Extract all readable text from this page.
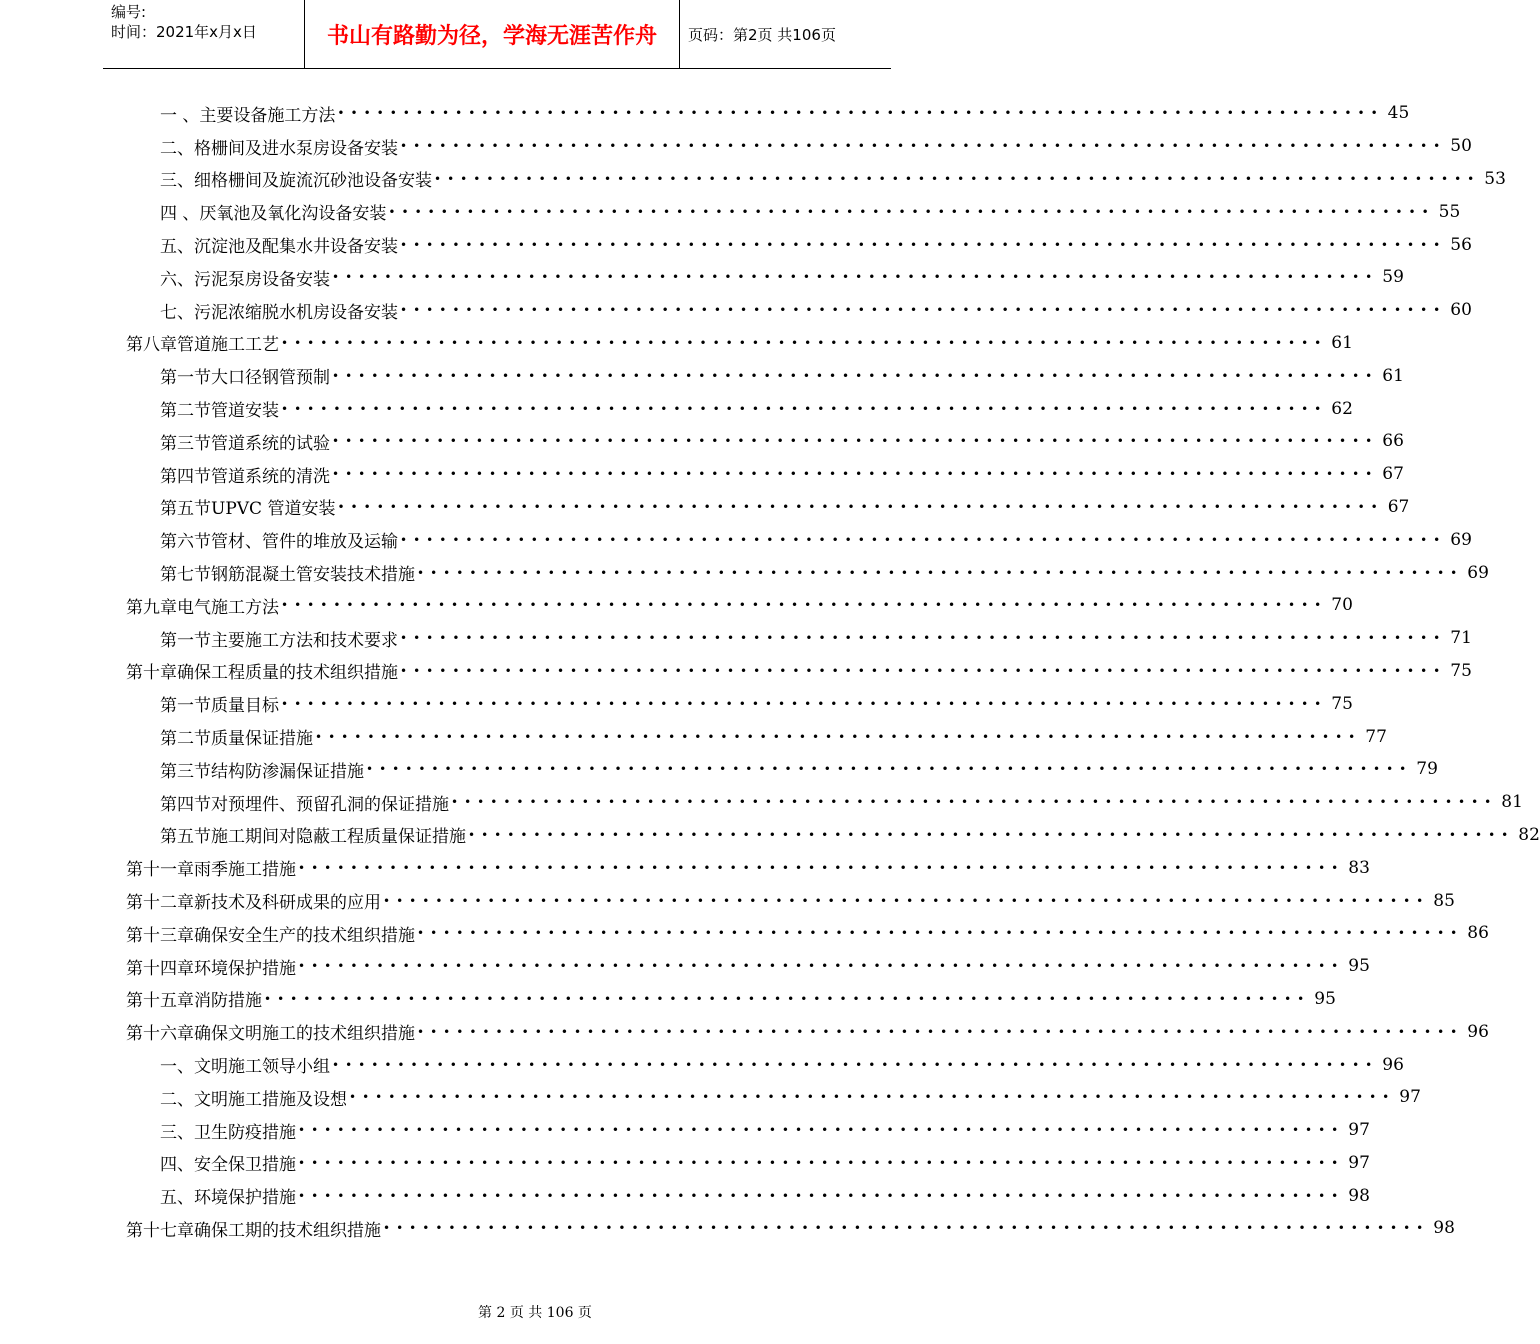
编号:
时间：2021年x月x日	书山有路勤为径，学海无涯苦作舟	页码：第2页 共106页
一 、 主要设备施工方法 •••••••••••••••••••••••••••••••••••••••••••••••••••••••••••••••••••••••••••••••• 45
二、 格栅间及进水泵房设备安装 •••••••••••••••••••••••••••••••••••••••••••••••••••••••••••••••••••••••••••••••• 50
三、 细格栅间及旋流沉砂池设备安装 •••••••••••••••••••••••••••••••••••••••••••••••••••••••••••••••••••••••••••••••• 53
四 、 厌氧池及氧化沟设备安装 •••••••••••••••••••••••••••••••••••••••••••••••••••••••••••••••••••••••••••••••• 55
五、 沉淀池及配集水井设备安装 •••••••••••••••••••••••••••••••••••••••••••••••••••••••••••••••••••••••••••••••• 56
六、 污泥泵房设备安装 •••••••••••••••••••••••••••••••••••••••••••••••••••••••••••••••••••••••••••••••• 59
七、 污泥浓缩脱水机房设备安装 •••••••••••••••••••••••••••••••••••••••••••••••••••••••••••••••••••••••••••••••• 60
第八章 管道施工工艺 •••••••••••••••••••••••••••••••••••••••••••••••••••••••••••••••••••••••••••••••• 61
第一节 大口径钢管预制 •••••••••••••••••••••••••••••••••••••••••••••••••••••••••••••••••••••••••••••••• 61
第二节 管道安装 •••••••••••••••••••••••••••••••••••••••••••••••••••••••••••••••••••••••••••••••• 62
第三节 管道系统的试验 •••••••••••••••••••••••••••••••••••••••••••••••••••••••••••••••••••••••••••••••• 66
第四节 管道系统的清洗 •••••••••••••••••••••••••••••••••••••••••••••••••••••••••••••••••••••••••••••••• 67
第五节 UPVC 管道安装 •••••••••••••••••••••••••••••••••••••••••••••••••••••••••••••••••••••••••••••••• 67
第六节 管材、管件的堆放及运输 •••••••••••••••••••••••••••••••••••••••••••••••••••••••••••••••••••••••••••••••• 69
第七节 钢筋混凝土管安装技术措施 •••••••••••••••••••••••••••••••••••••••••••••••••••••••••••••••••••••••••••••••• 69
第九章 电气施工方法 •••••••••••••••••••••••••••••••••••••••••••••••••••••••••••••••••••••••••••••••• 70
第一节 主要施工方法和技术要求 •••••••••••••••••••••••••••••••••••••••••••••••••••••••••••••••••••••••••••••••• 71
第十章 确保工程质量的技术组织措施 •••••••••••••••••••••••••••••••••••••••••••••••••••••••••••••••••••••••••••••••• 75
第一节 质量目标 •••••••••••••••••••••••••••••••••••••••••••••••••••••••••••••••••••••••••••••••• 75
第二节 质量保证措施 •••••••••••••••••••••••••••••••••••••••••••••••••••••••••••••••••••••••••••••••• 77
第三节 结构防渗漏保证措施 •••••••••••••••••••••••••••••••••••••••••••••••••••••••••••••••••••••••••••••••• 79
第四节 对预埋件、预留孔洞的保证措施 •••••••••••••••••••••••••••••••••••••••••••••••••••••••••••••••••••••••••••••••• 81
第五节 施工期间对隐蔽工程质量保证措施 •••••••••••••••••••••••••••••••••••••••••••••••••••••••••••••••••••••••••••••••• 82
第十一章 雨季施工措施 •••••••••••••••••••••••••••••••••••••••••••••••••••••••••••••••••••••••••••••••• 83
第十二章 新技术及科研成果的应用 •••••••••••••••••••••••••••••••••••••••••••••••••••••••••••••••••••••••••••••••• 85
第十三章 确保安全生产的技术组织措施 •••••••••••••••••••••••••••••••••••••••••••••••••••••••••••••••••••••••••••••••• 86
第十四章 环境保护措施 •••••••••••••••••••••••••••••••••••••••••••••••••••••••••••••••••••••••••••••••• 95
第十五章 消防措施 •••••••••••••••••••••••••••••••••••••••••••••••••••••••••••••••••••••••••••••••• 95
第十六章 确保文明施工的技术组织措施 •••••••••••••••••••••••••••••••••••••••••••••••••••••••••••••••••••••••••••••••• 96
一、 文明施工领导小组 •••••••••••••••••••••••••••••••••••••••••••••••••••••••••••••••••••••••••••••••• 96
二、 文明施工措施及设想 •••••••••••••••••••••••••••••••••••••••••••••••••••••••••••••••••••••••••••••••• 97
三、 卫生防疫措施 •••••••••••••••••••••••••••••••••••••••••••••••••••••••••••••••••••••••••••••••• 97
四、 安全保卫措施 •••••••••••••••••••••••••••••••••••••••••••••••••••••••••••••••••••••••••••••••• 97
五、 环境保护措施 •••••••••••••••••••••••••••••••••••••••••••••••••••••••••••••••••••••••••••••••• 98
第十七章 确保工期的技术组织措施 •••••••••••••••••••••••••••••••••••••••••••••••••••••••••••••••••••••••••••••••• 98
第 2 页 共 106 页
